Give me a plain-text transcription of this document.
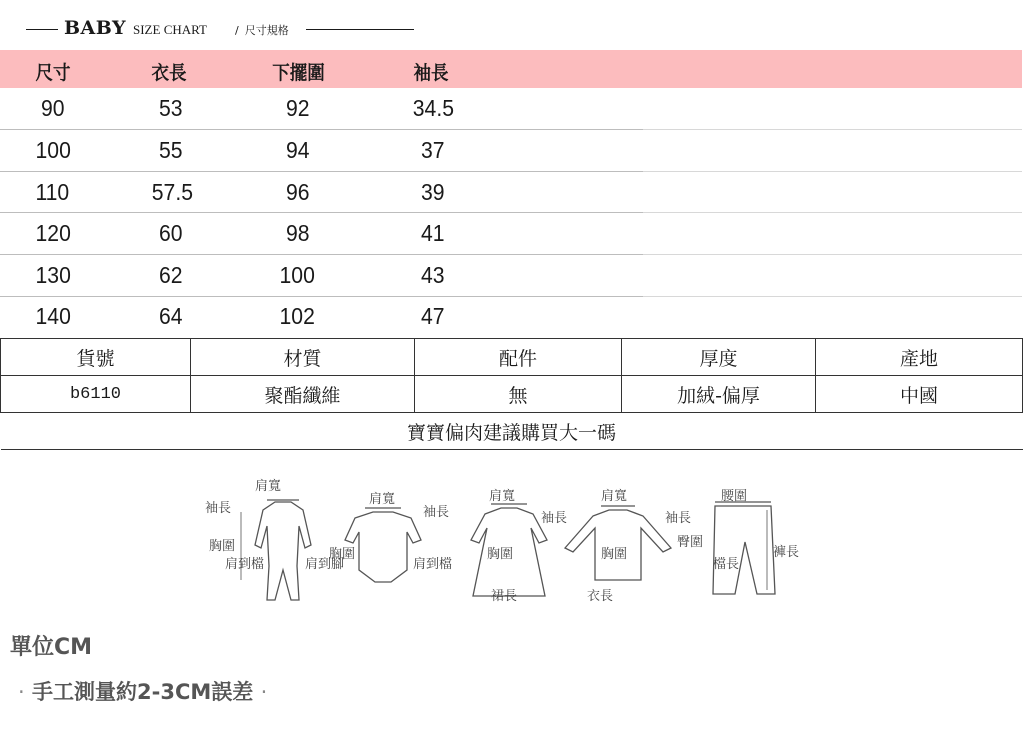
BABY SIZE CHART	/ 尺寸規格
尺寸	衣長	下擺圍	袖長
90	53	92	34.5
100	55	94	37
110	57.5	96	39
120	60	98	41
130	62	100	43
140	64	102	47
貨號	材質	配件	厚度	產地
b6110	聚酯纖維	無	加絨-偏厚	中國
寶寶偏肉建議購買大一碼				
袖長
肩寬
胸圍
肩到檔	肩到腳
肩寬
袖長
胸圍
肩到檔
肩寬
袖長
胸圍
裙長
肩寬
袖長
胸圍
衣長
腰圍
臀圍
檔長
褲長
單位CM
· 手工測量約2-3CM誤差 ·
